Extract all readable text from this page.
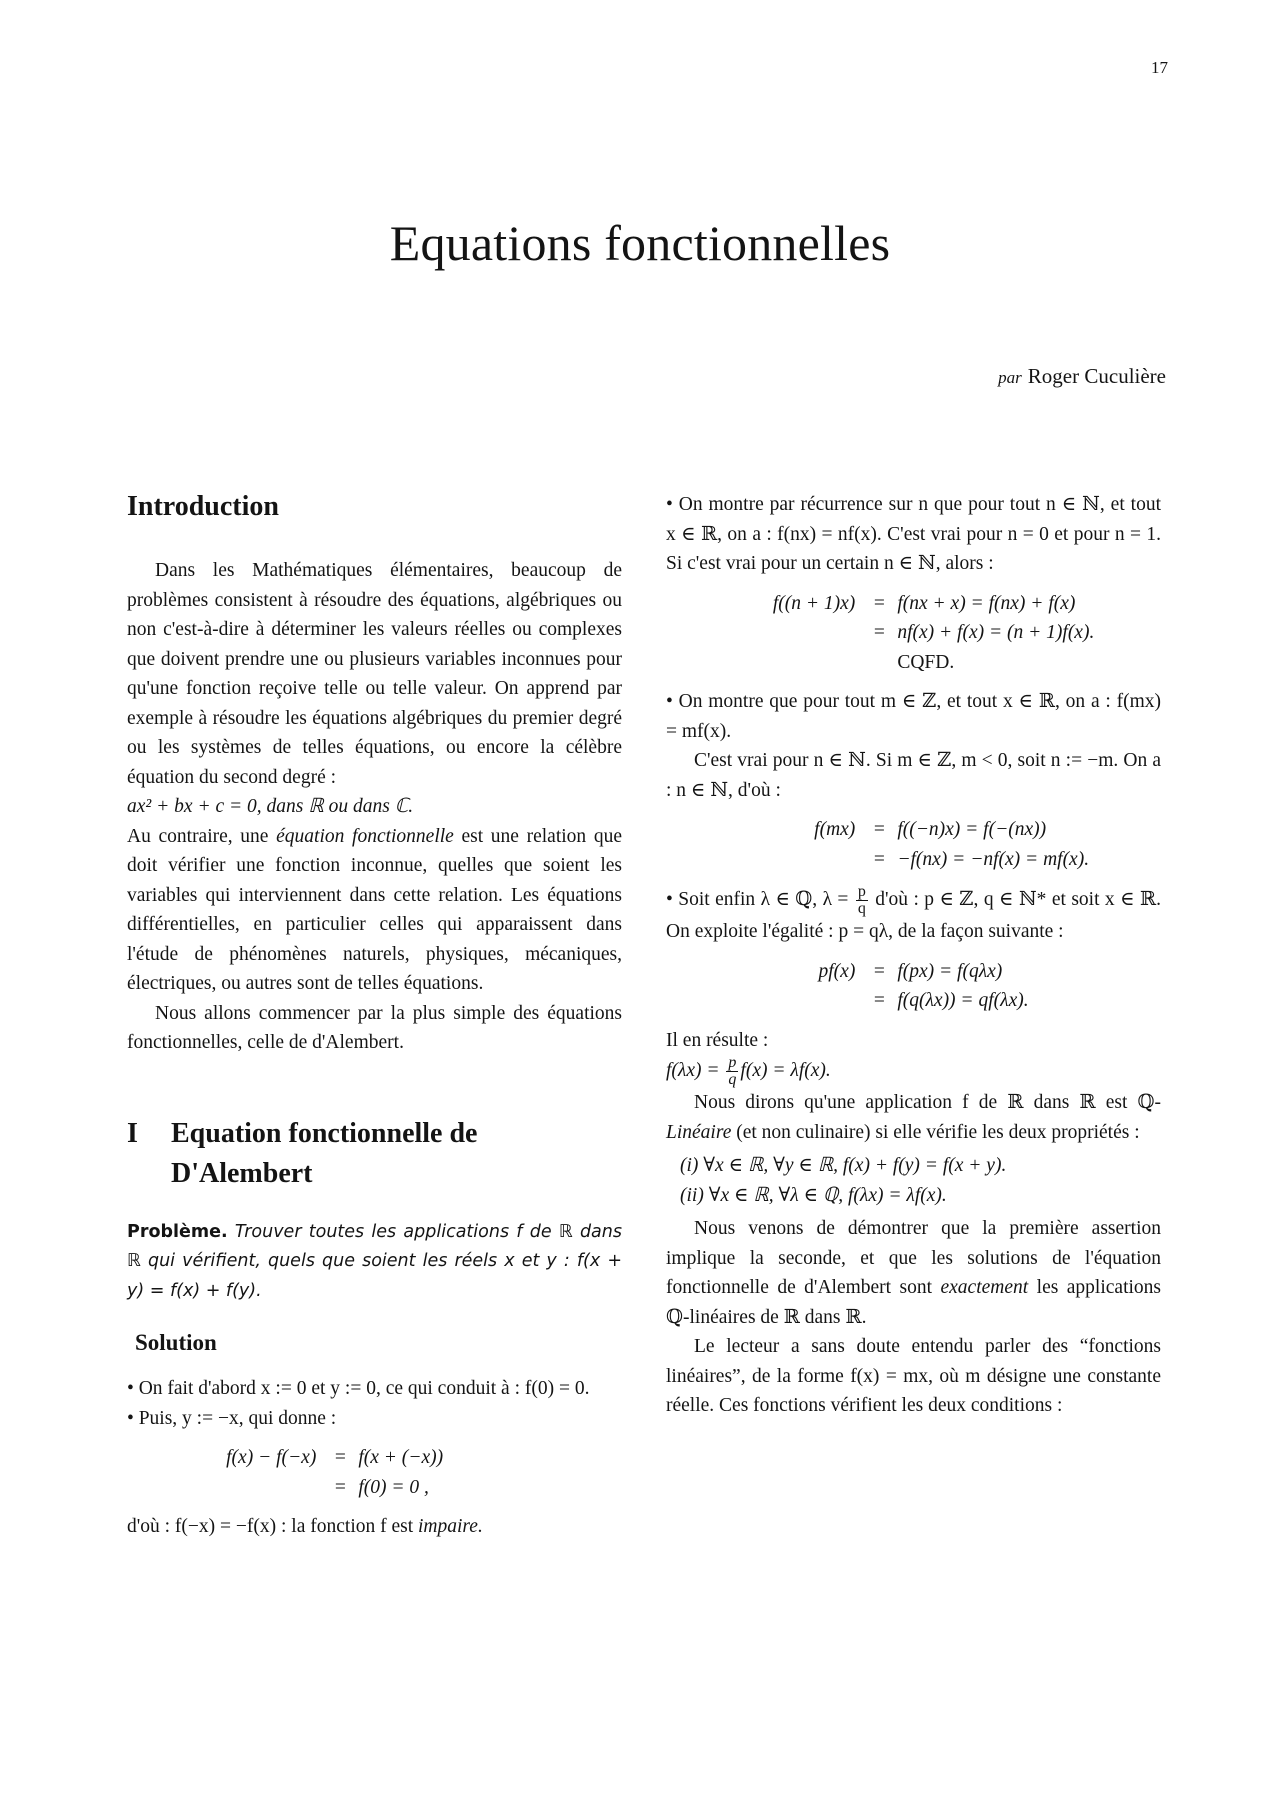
17
Equations fonctionnelles
par Roger Cuculière
Introduction

Dans les Mathématiques élémentaires, beaucoup de problèmes consistent à résoudre des équations, algébriques ou non c'est-à-dire à déterminer les valeurs réelles ou complexes que doivent prendre une ou plusieurs variables inconnues pour qu'une fonction reçoive telle ou telle valeur. On apprend par exemple à résoudre les équations algébriques du premier degré ou les systèmes de telles équations, ou encore la célèbre équation du second degré :

ax² + bx + c = 0, dans ℝ ou dans ℂ.

Au contraire, une équation fonctionnelle est une relation que doit vérifier une fonction inconnue, quelles que soient les variables qui interviennent dans cette relation. Les équations différentielles, en particulier celles qui apparaissent dans l'étude de phénomènes naturels, physiques, mécaniques, électriques, ou autres sont de telles équations.

Nous allons commencer par la plus simple des équations fonctionnelles, celle de d'Alembert.

I	Equation fonctionnelle de D'Alembert

Problème. Trouver toutes les applications f de ℝ dans ℝ qui vérifient, quels que soient les réels x et y : f(x + y) = f(x) + f(y).

Solution

• On fait d'abord x := 0 et y := 0, ce qui conduit à : f(0) = 0.

• Puis, y := −x, qui donne :

f(x) − f(−x) = f(x + (−x))
= f(0) = 0 ,

d'où : f(−x) = −f(x) : la fonction f est impaire.

• On montre par récurrence sur n que pour tout n ∈ ℕ, et tout x ∈ ℝ, on a : f(nx) = nf(x). C'est vrai pour n = 0 et pour n = 1. Si c'est vrai pour un certain n ∈ ℕ, alors :

f((n + 1)x) = f(nx + x) = f(nx) + f(x)
= nf(x) + f(x) = (n + 1)f(x).
CQFD.

• On montre que pour tout m ∈ ℤ, et tout x ∈ ℝ, on a : f(mx) = mf(x).

C'est vrai pour n ∈ ℕ. Si m ∈ ℤ, m < 0, soit n := −m. On a : n ∈ ℕ, d'où :

f(mx) = f((−n)x) = f(−(nx))
= −f(nx) = −nf(x) = mf(x).

• Soit enfin λ ∈ ℚ, $\lambda = \frac{p}{q}$ d'où : p ∈ ℤ, q ∈ ℕ* et soit x ∈ ℝ. On exploite l'égalité : p = qλ, de la façon suivante :

pf(x) = f(px) = f(qλx)
= f(q(λx)) = qf(λx).

Il en résulte :

$f(\lambda x) = \frac{p}{q} f(x) = \lambda f(x)$.

Nous dirons qu'une application f de ℝ dans ℝ est ℚ-Linéaire (et non culinaire) si elle vérifie les deux propriétés :

(i) ∀x ∈ ℝ, ∀y ∈ ℝ, f(x) + f(y) = f(x + y).
(ii) ∀x ∈ ℝ, ∀λ ∈ ℚ, f(λx) = λf(x).

Nous venons de démontrer que la première assertion implique la seconde, et que les solutions de l'équation fonctionnelle de d'Alembert sont exactement les applications ℚ-linéaires de ℝ dans ℝ.

Le lecteur a sans doute entendu parler des “fonctions linéaires”, de la forme f(x) = mx, où m désigne une constante réelle. Ces fonctions vérifient les deux conditions :
